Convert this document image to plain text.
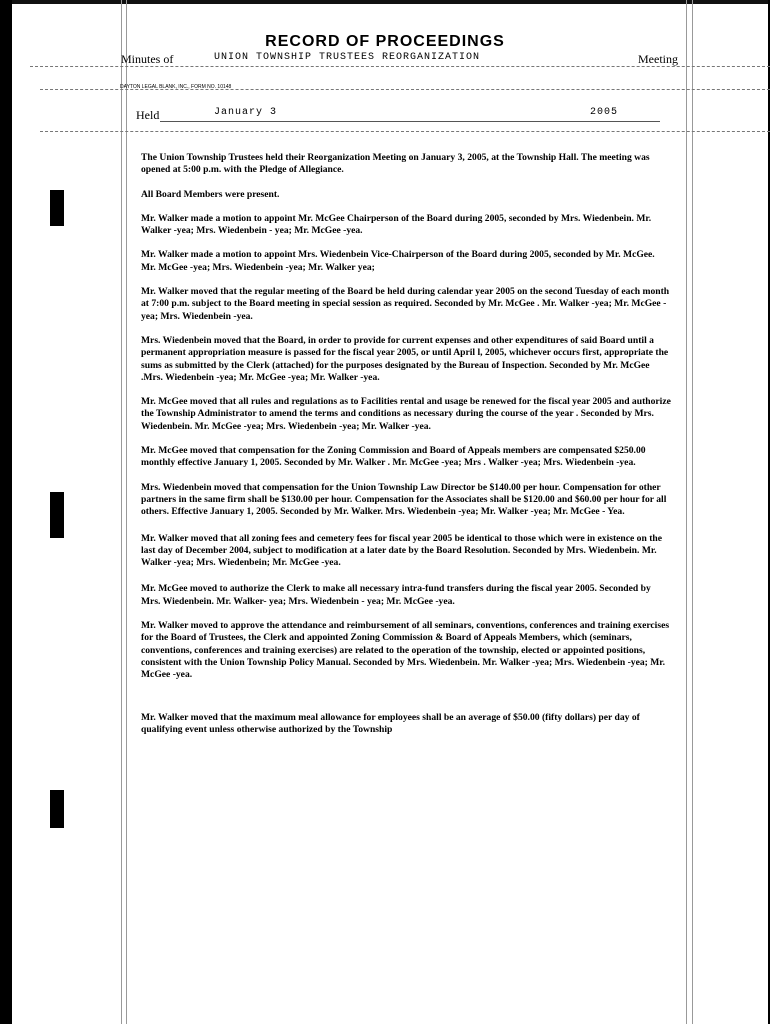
RECORD OF PROCEEDINGS
Minutes of	UNION TOWNSHIP TRUSTEES REORGANIZATION	Meeting
DAYTON LEGAL BLANK, INC., FORM NO. 10148
Held	January 3	2005

The Union Township Trustees held their Reorganization Meeting on January 3, 2005, at the Township Hall. The meeting was opened at 5:00 p.m. with the Pledge of Allegiance.

All Board Members were present.

Mr. Walker made a motion to appoint Mr. McGee Chairperson of the Board during 2005, seconded by Mrs. Wiedenbein. Mr. Walker -yea; Mrs. Wiedenbein - yea; Mr. McGee -yea.

Mr. Walker made a motion to appoint Mrs. Wiedenbein Vice-Chairperson of the Board during 2005, seconded by Mr. McGee. Mr. McGee -yea; Mrs. Wiedenbein -yea; Mr. Walker yea;

Mr. Walker moved that the regular meeting of the Board be held during calendar year 2005 on the second Tuesday of each month at 7:00 p.m. subject to the Board meeting in special session as required. Seconded by Mr. McGee . Mr. Walker -yea; Mr. McGee - yea; Mrs. Wiedenbein -yea.

Mrs. Wiedenbein moved that the Board, in order to provide for current expenses and other expenditures of said Board until a permanent appropriation measure is passed for the fiscal year 2005, or until April l, 2005, whichever occurs first, appropriate the sums as submitted by the Clerk (attached) for the purposes designated by the Bureau of Inspection. Seconded by Mr. McGee .Mrs. Wiedenbein -yea; Mr. McGee -yea; Mr. Walker -yea.

Mr. McGee moved that all rules and regulations as to Facilities rental and usage be renewed for the fiscal year 2005 and authorize the Township Administrator to amend the terms and conditions as necessary during the course of the year . Seconded by Mrs. Wiedenbein. Mr. McGee -yea; Mrs. Wiedenbein -yea; Mr. Walker -yea.

Mr. McGee moved that compensation for the Zoning Commission and Board of Appeals members are compensated $250.00 monthly effective January 1, 2005. Seconded by Mr. Walker . Mr. McGee -yea; Mrs . Walker -yea; Mrs. Wiedenbein -yea.

Mrs. Wiedenbein moved that compensation for the Union Township Law Director be $140.00 per hour. Compensation for other partners in the same firm shall be $130.00 per hour. Compensation for the Associates shall be $120.00 and $60.00 per hour for all others. Effective January 1, 2005. Seconded by Mr. Walker. Mrs. Wiedenbein -yea; Mr. Walker -yea; Mr. McGee - Yea.

Mr. Walker moved that all zoning fees and cemetery fees for fiscal year 2005 be identical to those which were in existence on the last day of December 2004, subject to modification at a later date by the Board Resolution. Seconded by Mrs. Wiedenbein. Mr. Walker -yea; Mrs. Wiedenbein; Mr. McGee -yea.

Mr. McGee moved to authorize the Clerk to make all necessary intra-fund transfers during the fiscal year 2005. Seconded by Mrs. Wiedenbein. Mr. Walker- yea; Mrs. Wiedenbein - yea; Mr. McGee -yea.

Mr. Walker moved to approve the attendance and reimbursement of all seminars, conventions, conferences and training exercises for the Board of Trustees, the Clerk and appointed Zoning Commission & Board of Appeals Members, which (seminars, conventions, conferences and training exercises) are related to the operation of the township, elected or appointed positions, consistent with the Union Township Policy Manual. Seconded by Mrs. Wiedenbein. Mr. Walker -yea; Mrs. Wiedenbein -yea; Mr. McGee -yea.

Mr. Walker moved that the maximum meal allowance for employees shall be an average of $50.00 (fifty dollars) per day of qualifying event unless otherwise authorized by the Township
